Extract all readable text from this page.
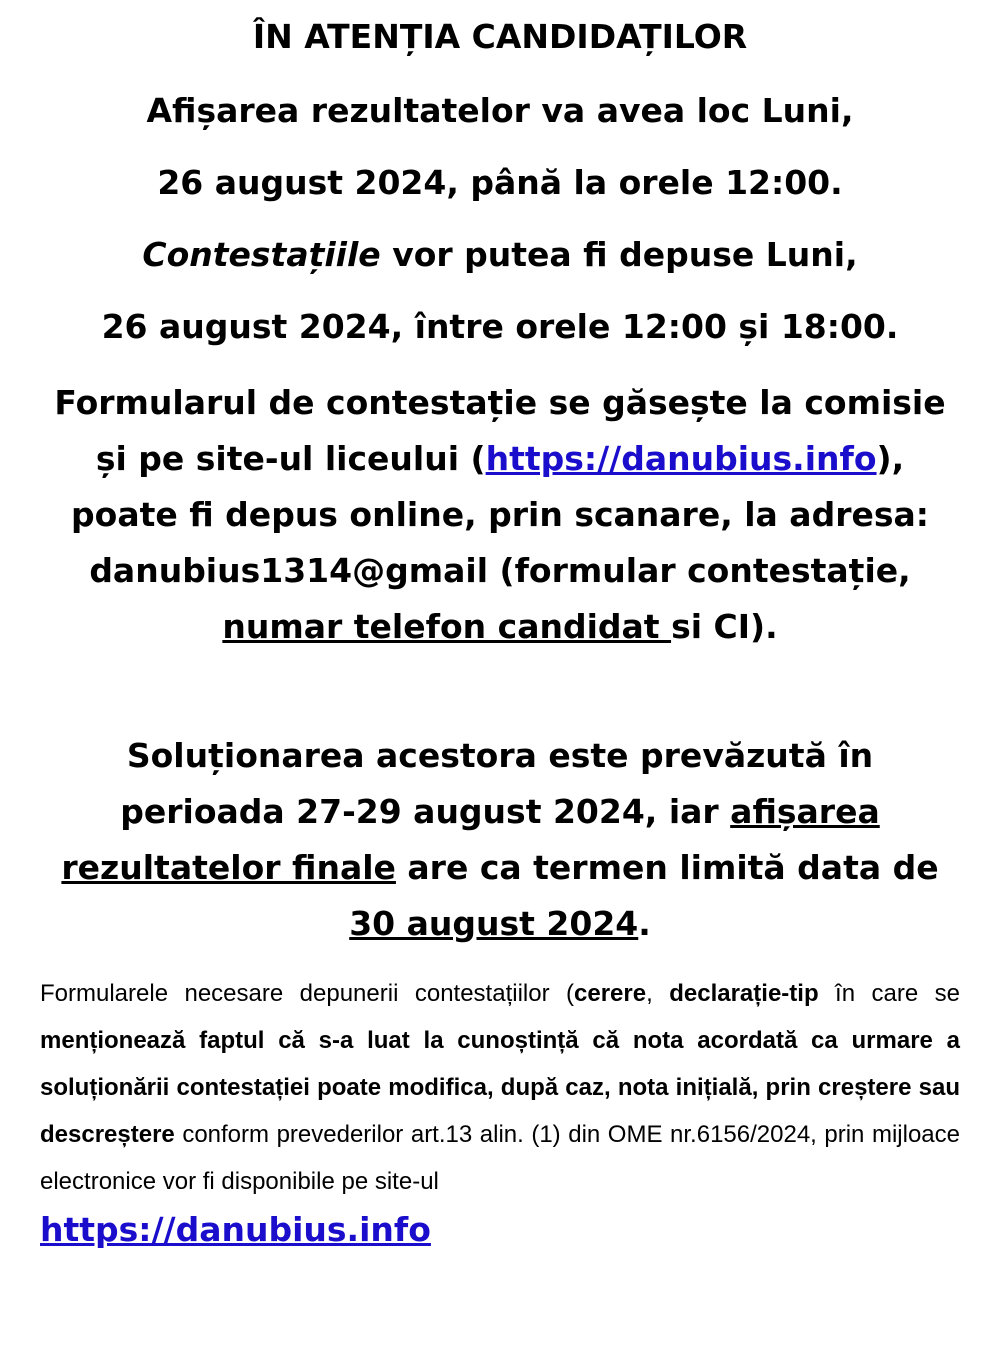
ÎN ATENȚIA CANDIDAȚILOR

Afișarea rezultatelor va avea loc Luni,

26 august 2024, până la orele 12:00.

Contestațiile vor putea fi depuse Luni,

26 august 2024, între orele 12:00 și 18:00.

Formularul de contestație se găsește la comisie și pe site-ul liceului (https://danubius.info), poate fi depus online, prin scanare, la adresa: danubius1314@gmail (formular contestație, numar telefon candidat si CI).

Soluționarea acestora este prevăzută în perioada 27-29 august 2024, iar afișarea rezultatelor finale are ca termen limită data de 30 august 2024.

Formularele necesare depunerii contestațiilor (cerere, declarație-tip în care se menționează faptul că s-a luat la cunoștință că nota acordată ca urmare a soluționării contestației poate modifica, după caz, nota inițială, prin creștere sau descreștere conform prevederilor art.13 alin. (1) din OME nr.6156/2024, prin mijloace electronice vor fi disponibile pe site-ul

https://danubius.info
